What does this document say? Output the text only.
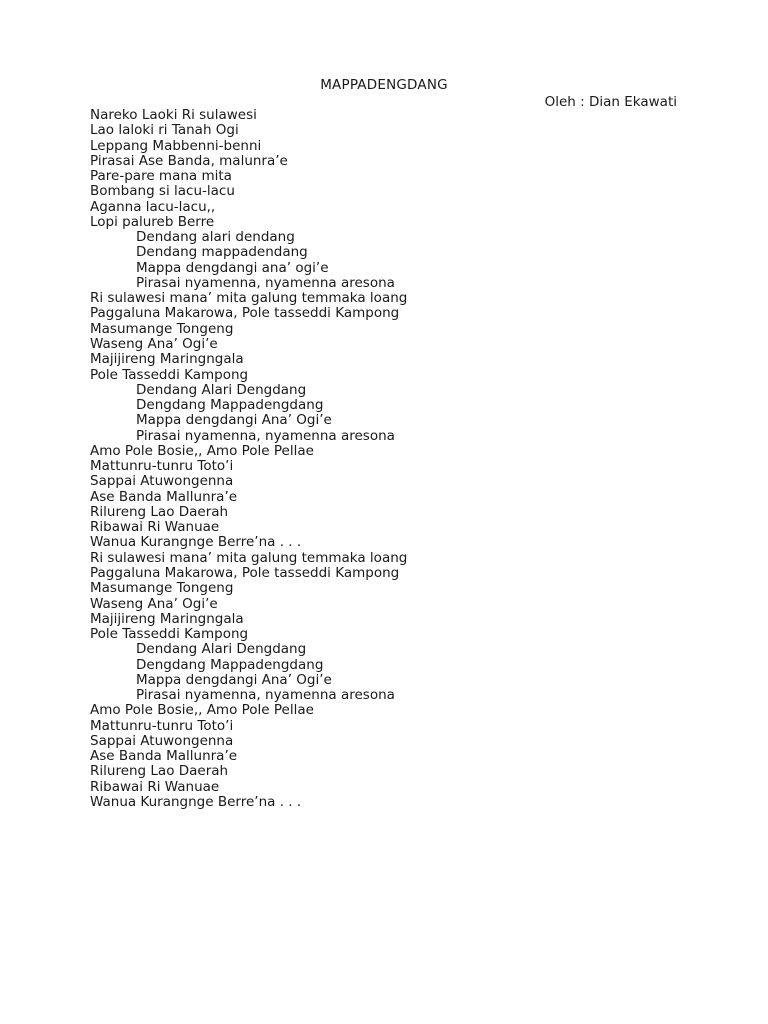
MAPPADENGDANG
Oleh : Dian Ekawati
Nareko Laoki Ri sulawesi
Lao laloki ri Tanah Ogi
Leppang Mabbenni-benni
Pirasai Ase Banda, malunra’e
Pare-pare mana mita
Bombang si lacu-lacu
Aganna lacu-lacu,,
Lopi palureb Berre
Dendang alari dendang
Dendang mappadendang
Mappa dengdangi ana’ ogi’e
Pirasai nyamenna, nyamenna aresona
Ri sulawesi mana’ mita galung temmaka loang
Paggaluna Makarowa, Pole tasseddi Kampong
Masumange Tongeng
Waseng Ana’ Ogi’e
Majijireng Maringngala
Pole Tasseddi Kampong
Dendang Alari Dengdang
Dengdang Mappadengdang
Mappa dengdangi Ana’ Ogi’e
Pirasai nyamenna, nyamenna aresona
Amo Pole Bosie,, Amo Pole Pellae
Mattunru-tunru Toto’i
Sappai Atuwongenna
Ase Banda Mallunra’e
Rilureng Lao Daerah
Ribawai Ri Wanuae
Wanua Kurangnge Berre’na . . .
Ri sulawesi mana’ mita galung temmaka loang
Paggaluna Makarowa, Pole tasseddi Kampong
Masumange Tongeng
Waseng Ana’ Ogi’e
Majijireng Maringngala
Pole Tasseddi Kampong
Dendang Alari Dengdang
Dengdang Mappadengdang
Mappa dengdangi Ana’ Ogi’e
Pirasai nyamenna, nyamenna aresona
Amo Pole Bosie,, Amo Pole Pellae
Mattunru-tunru Toto’i
Sappai Atuwongenna
Ase Banda Mallunra’e
Rilureng Lao Daerah
Ribawai Ri Wanuae
Wanua Kurangnge Berre’na . . .
